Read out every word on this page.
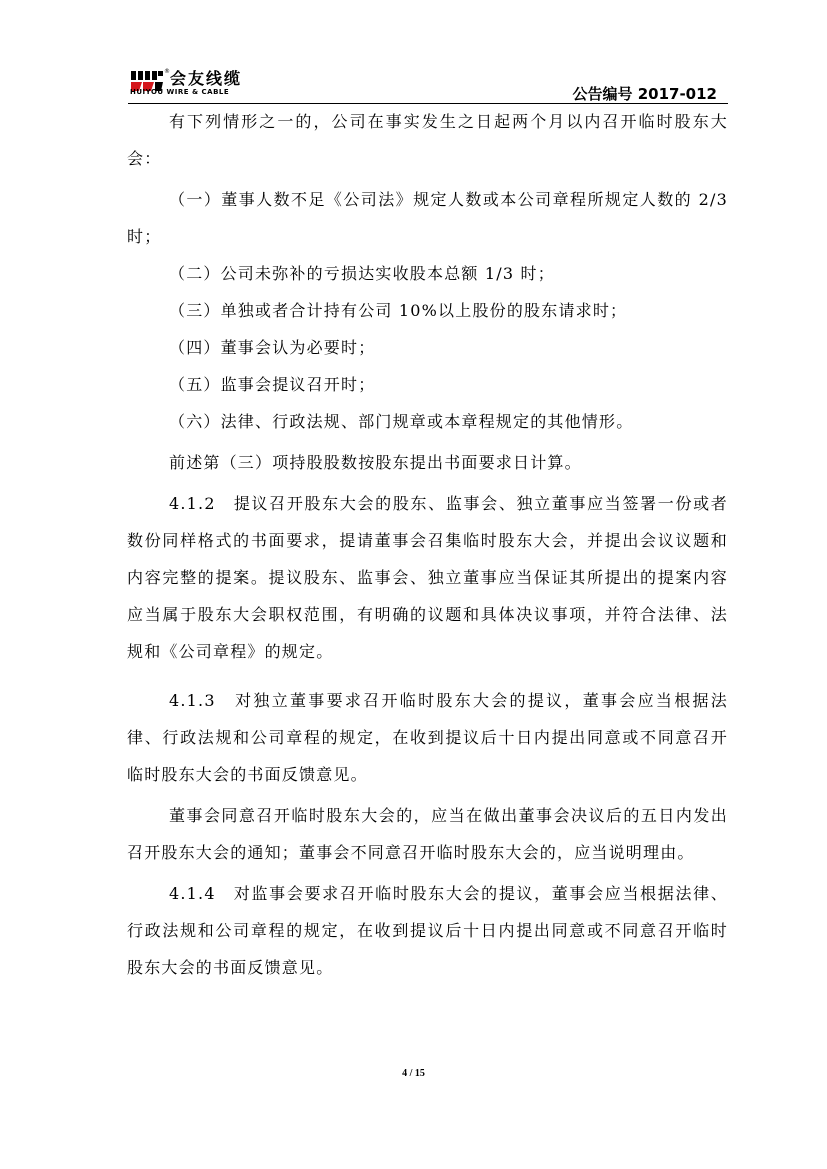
® 会友线缆
HUIYOU WIRE & CABLE	公告编号 2017-012

有下列情形之一的，公司在事实发生之日起两个月以内召开临时股东大会：

（一）董事人数不足《公司法》规定人数或本公司章程所规定人数的 2/3 时；

（二）公司未弥补的亏损达实收股本总额 1/3 时；

（三）单独或者合计持有公司 10%以上股份的股东请求时；

（四）董事会认为必要时；

（五）监事会提议召开时；

（六）法律、行政法规、部门规章或本章程规定的其他情形。

前述第（三）项持股股数按股东提出书面要求日计算。

4.1.2　提议召开股东大会的股东、监事会、独立董事应当签署一份或者数份同样格式的书面要求，提请董事会召集临时股东大会，并提出会议议题和内容完整的提案。提议股东、监事会、独立董事应当保证其所提出的提案内容应当属于股东大会职权范围，有明确的议题和具体决议事项，并符合法律、法规和《公司章程》的规定。

4.1.3　对独立董事要求召开临时股东大会的提议，董事会应当根据法律、行政法规和公司章程的规定，在收到提议后十日内提出同意或不同意召开临时股东大会的书面反馈意见。

董事会同意召开临时股东大会的，应当在做出董事会决议后的五日内发出召开股东大会的通知；董事会不同意召开临时股东大会的，应当说明理由。

4.1.4　对监事会要求召开临时股东大会的提议，董事会应当根据法律、行政法规和公司章程的规定，在收到提议后十日内提出同意或不同意召开临时股东大会的书面反馈意见。

4 / 15
